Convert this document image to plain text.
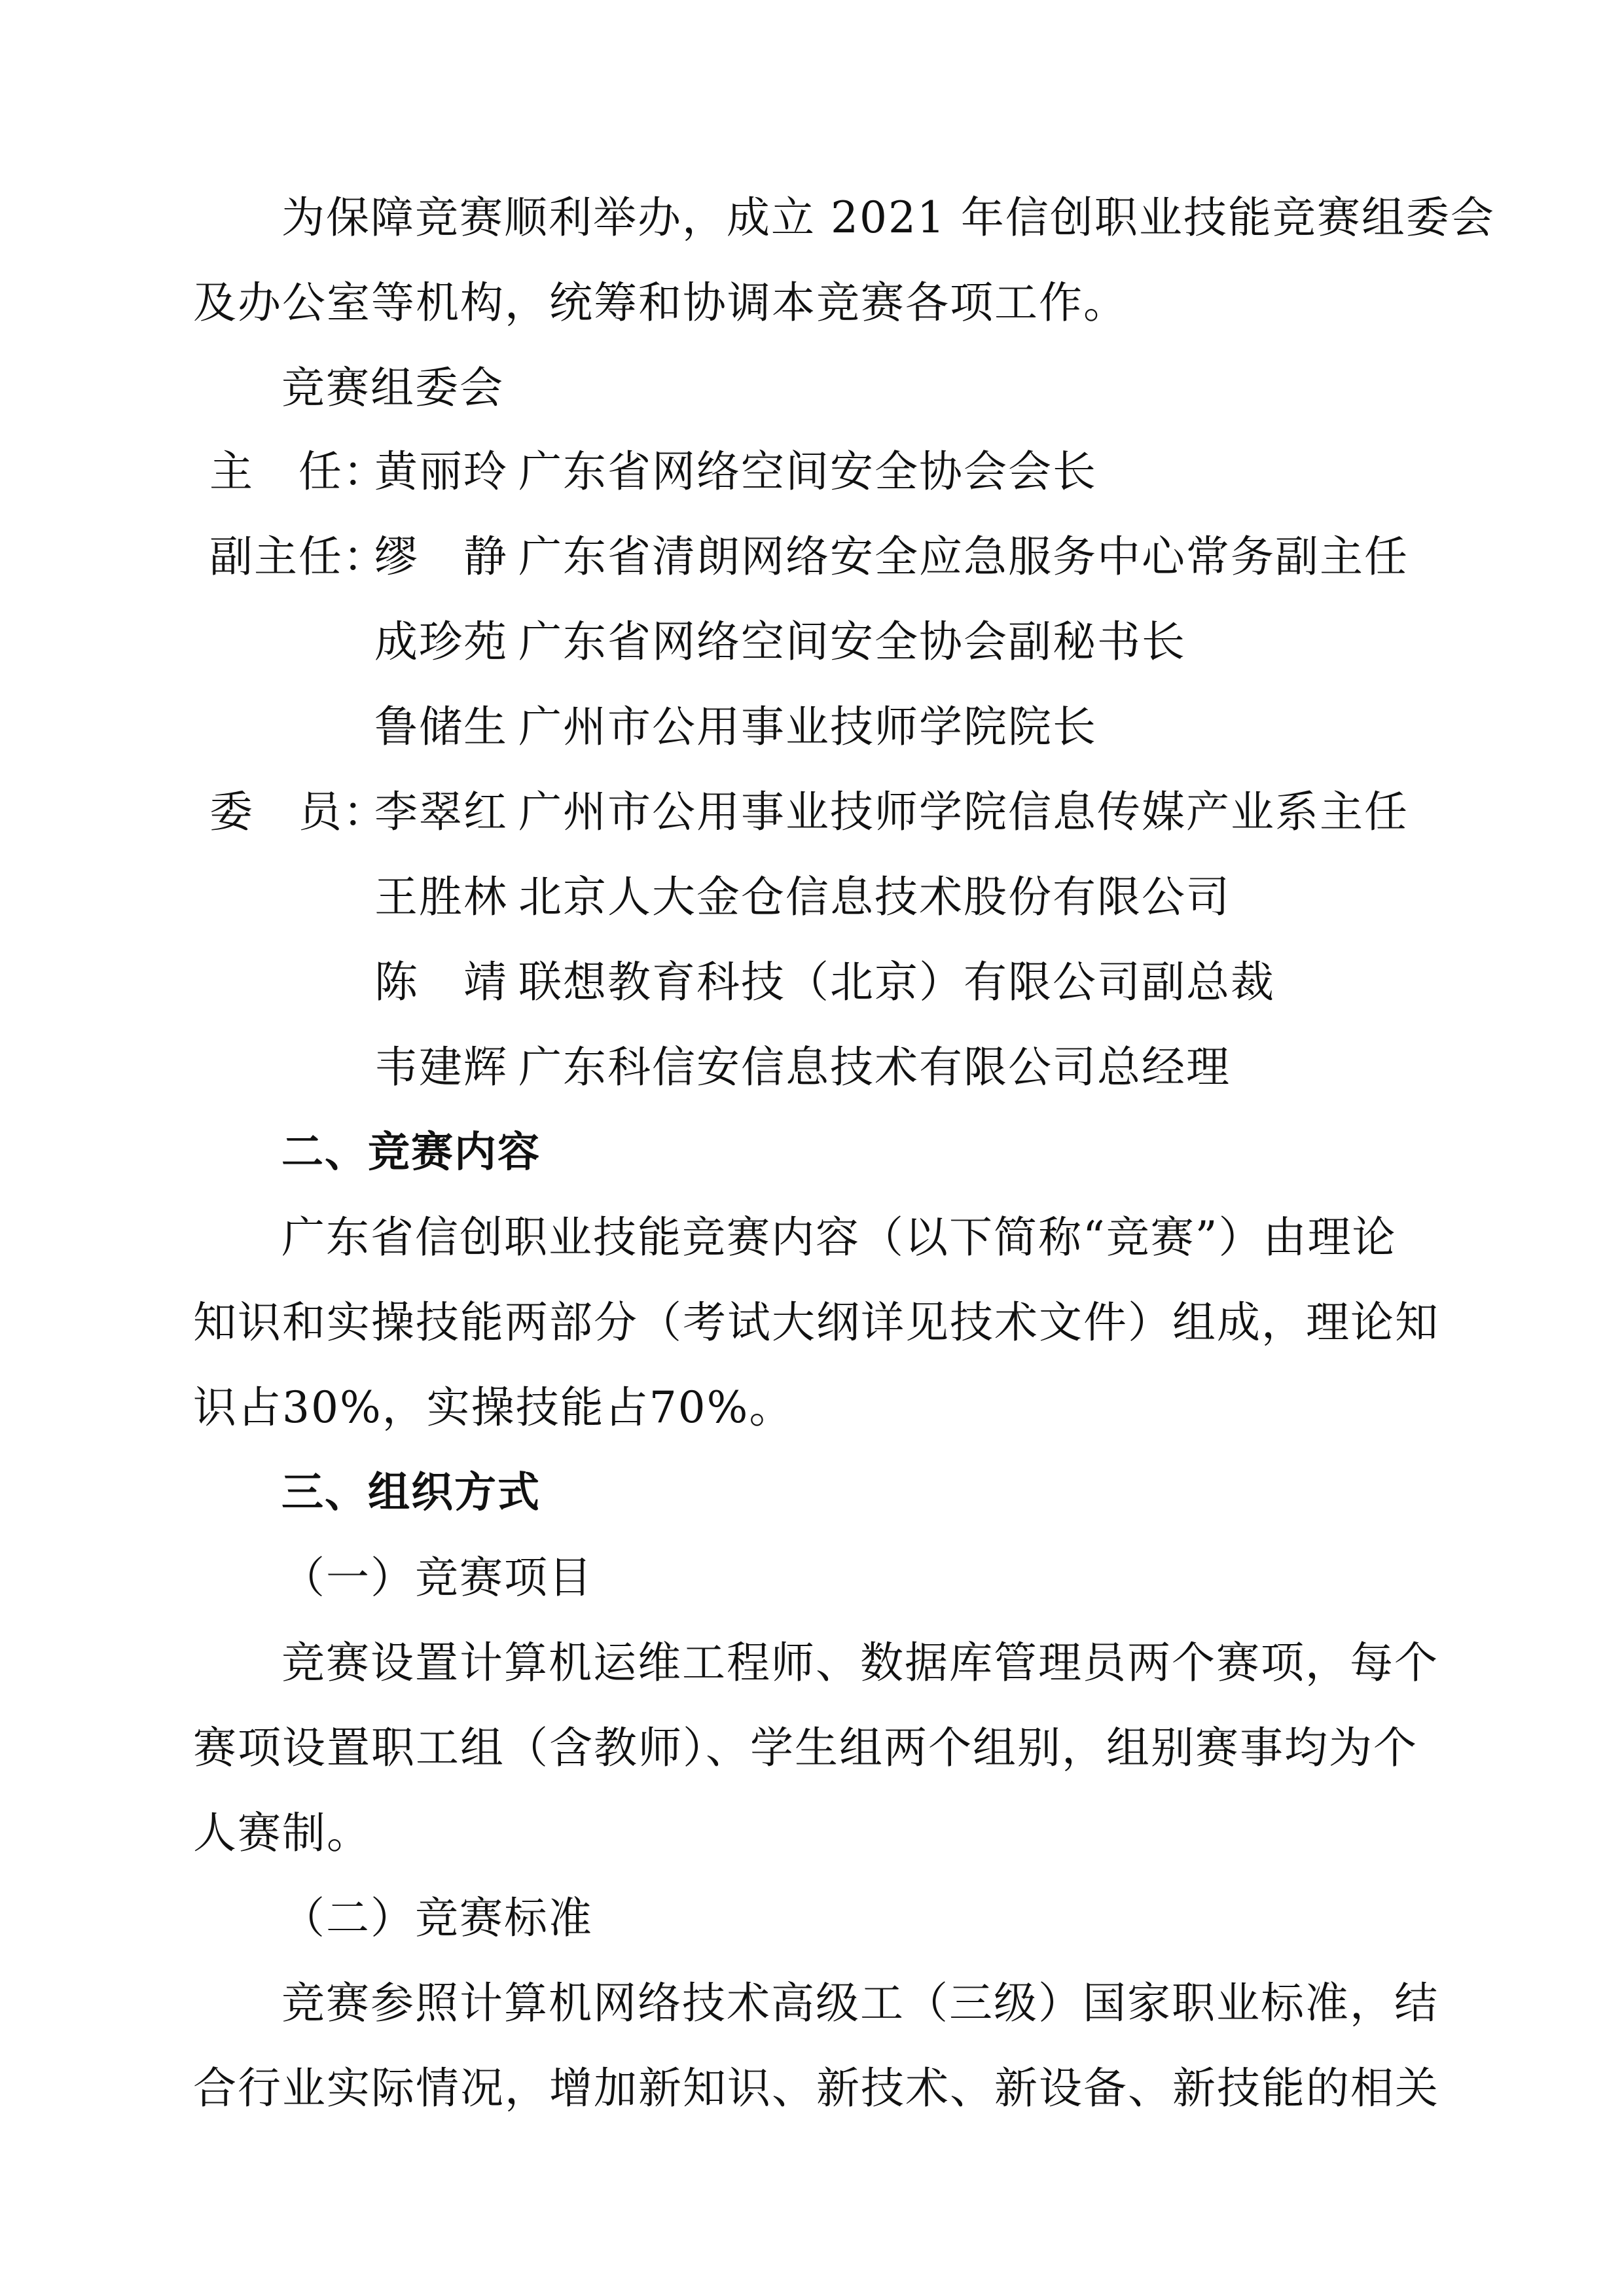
为保障竞赛顺利举办，成立 2021 年信创职业技能竞赛组委会
及办公室等机构，统筹和协调本竞赛各项工作。
竞赛组委会
主　任：
黄丽玲 广东省网络空间安全协会会长
副主任：
缪　静 广东省清朗网络安全应急服务中心常务副主任
成珍苑 广东省网络空间安全协会副秘书长
鲁储生 广州市公用事业技师学院院长
委　员：
李翠红 广州市公用事业技师学院信息传媒产业系主任
王胜林 北京人大金仓信息技术股份有限公司
陈　靖 联想教育科技（北京）有限公司副总裁
韦建辉 广东科信安信息技术有限公司总经理
二、竞赛内容
广东省信创职业技能竞赛内容（以下简称“竞赛”）由理论
知识和实操技能两部分（考试大纲详见技术文件）组成，理论知
识占30%，实操技能占70%。
三、组织方式
（一）竞赛项目
竞赛设置计算机运维工程师、数据库管理员两个赛项，每个
赛项设置职工组（含教师）、学生组两个组别，组别赛事均为个
人赛制。
（二）竞赛标准
竞赛参照计算机网络技术高级工（三级）国家职业标准，结
合行业实际情况，增加新知识、新技术、新设备、新技能的相关
